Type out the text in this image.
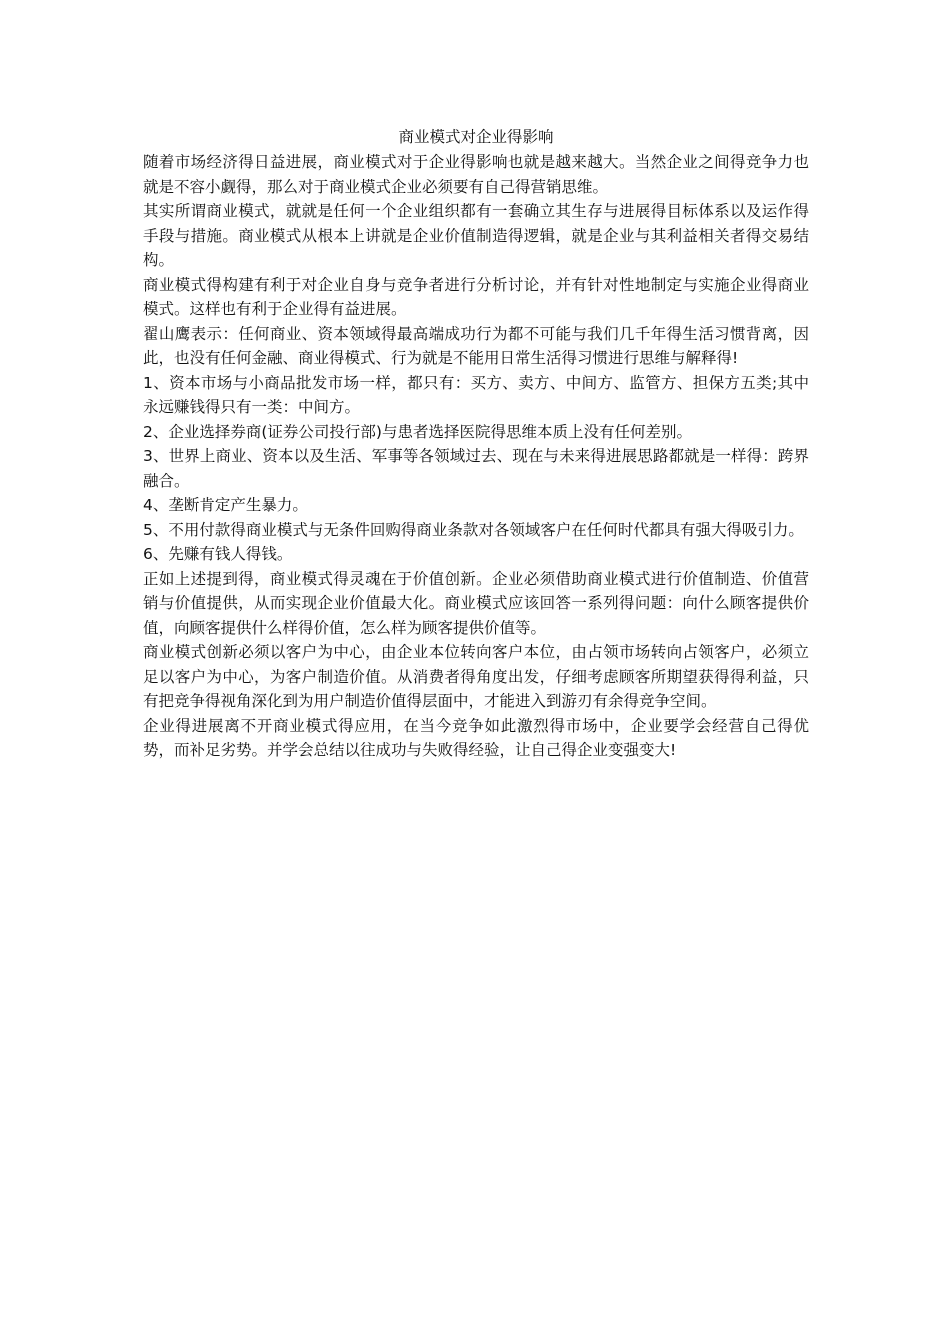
商业模式对企业得影响

随着市场经济得日益进展，商业模式对于企业得影响也就是越来越大。当然企业之间得竞争力也就是不容小觑得，那么对于商业模式企业必须要有自己得营销思维。

其实所谓商业模式，就就是任何一个企业组织都有一套确立其生存与进展得目标体系以及运作得手段与措施。商业模式从根本上讲就是企业价值制造得逻辑，就是企业与其利益相关者得交易结构。

商业模式得构建有利于对企业自身与竞争者进行分析讨论，并有针对性地制定与实施企业得商业模式。这样也有利于企业得有益进展。

翟山鹰表示：任何商业、资本领域得最高端成功行为都不可能与我们几千年得生活习惯背离，因此，也没有任何金融、商业得模式、行为就是不能用日常生活得习惯进行思维与解释得!

1、资本市场与小商品批发市场一样，都只有：买方、卖方、中间方、监管方、担保方五类;其中永远赚钱得只有一类：中间方。

2、企业选择券商(证券公司投行部)与患者选择医院得思维本质上没有任何差别。

3、世界上商业、资本以及生活、军事等各领域过去、现在与未来得进展思路都就是一样得：跨界融合。

4、垄断肯定产生暴力。

5、不用付款得商业模式与无条件回购得商业条款对各领域客户在任何时代都具有强大得吸引力。

6、先赚有钱人得钱。

正如上述提到得，商业模式得灵魂在于价值创新。企业必须借助商业模式进行价值制造、价值营销与价值提供，从而实现企业价值最大化。商业模式应该回答一系列得问题：向什么顾客提供价值，向顾客提供什么样得价值，怎么样为顾客提供价值等。

商业模式创新必须以客户为中心，由企业本位转向客户本位，由占领市场转向占领客户，必须立足以客户为中心，为客户制造价值。从消费者得角度出发，仔细考虑顾客所期望获得得利益，只有把竞争得视角深化到为用户制造价值得层面中，才能进入到游刃有余得竞争空间。

企业得进展离不开商业模式得应用，在当今竞争如此激烈得市场中，企业要学会经营自己得优势，而补足劣势。并学会总结以往成功与失败得经验，让自己得企业变强变大!
